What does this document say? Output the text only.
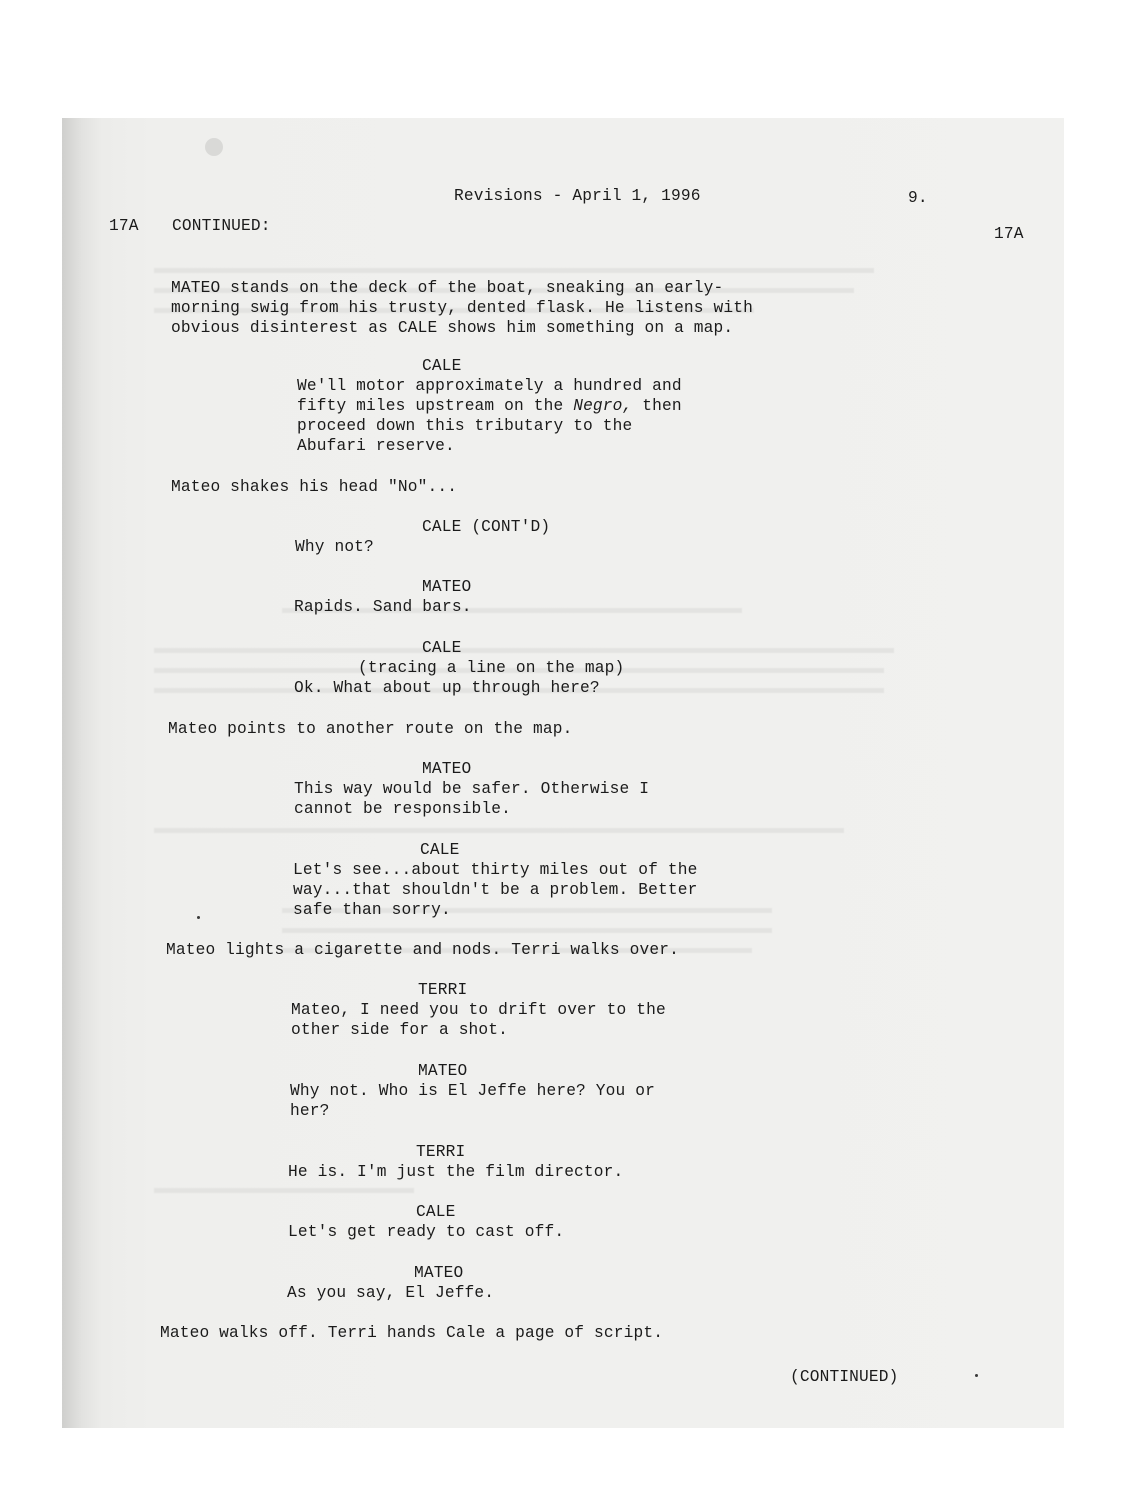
Revisions - April 1, 1996	9.
17A CONTINUED:	17A
MATEO stands on the deck of the boat, sneaking an early-
morning swig from his trusty, dented flask. He listens with
obvious disinterest as CALE shows him something on a map.
CALE
We'll motor approximately a hundred and
fifty miles upstream on the Negro, then
proceed down this tributary to the
Abufari reserve.
Mateo shakes his head "No"...
CALE (CONT'D)
Why not?
MATEO
Rapids. Sand bars.
CALE
(tracing a line on the map)
Ok. What about up through here?
Mateo points to another route on the map.
MATEO
This way would be safer. Otherwise I
cannot be responsible.
CALE
Let's see...about thirty miles out of the
way...that shouldn't be a problem. Better
safe than sorry.
Mateo lights a cigarette and nods. Terri walks over.
TERRI
Mateo, I need you to drift over to the
other side for a shot.
MATEO
Why not. Who is El Jeffe here? You or
her?
TERRI
He is. I'm just the film director.
CALE
Let's get ready to cast off.
MATEO
As you say, El Jeffe.
Mateo walks off. Terri hands Cale a page of script.
(CONTINUED)
